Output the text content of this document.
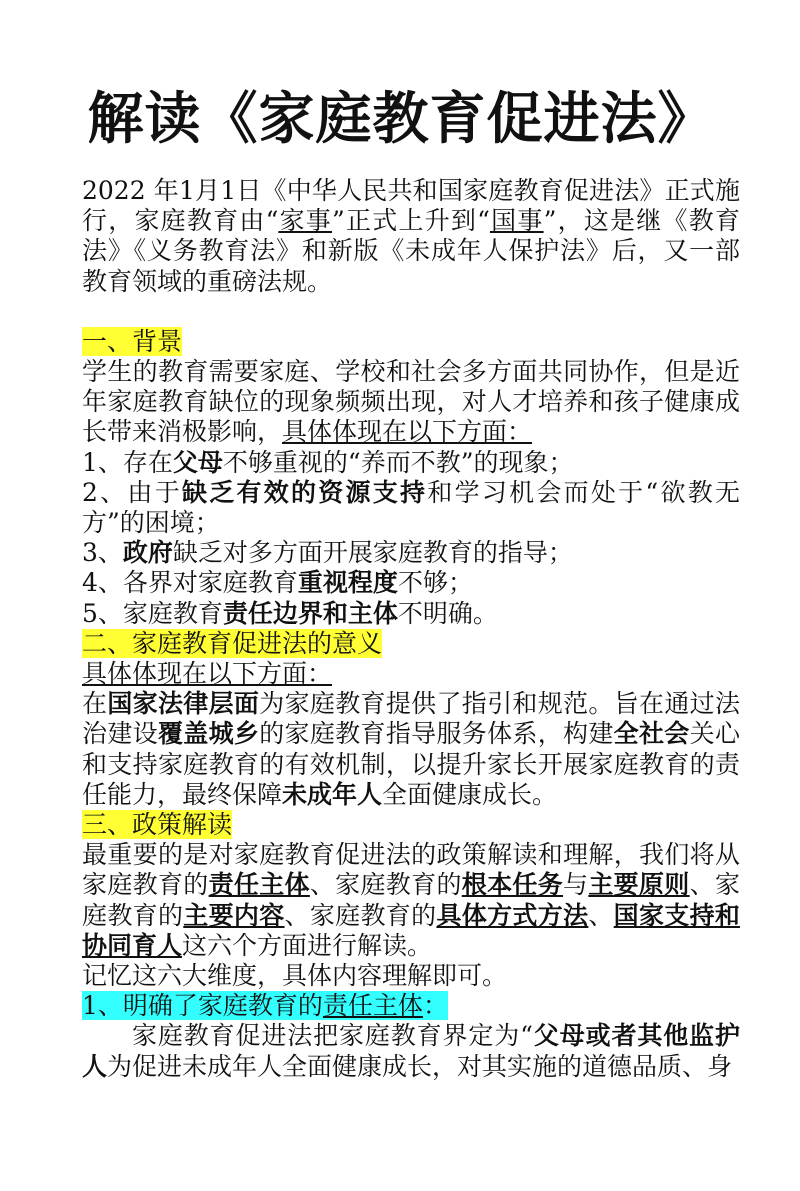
解读《家庭教育促进法》

2022 年1月1日《中华人民共和国家庭教育促进法》正式施行，家庭教育由“家事”正式上升到“国事”，这是继《教育法》《义务教育法》和新版《未成年人保护法》后，又一部教育领域的重磅法规。

一、背景

学生的教育需要家庭、学校和社会多方面共同协作，但是近年家庭教育缺位的现象频频出现，对人才培养和孩子健康成长带来消极影响，具体体现在以下方面：

1、存在父母不够重视的“养而不教”的现象；

2、由于缺乏有效的资源支持和学习机会而处于“欲教无方”的困境；

3、政府缺乏对多方面开展家庭教育的指导；

4、各界对家庭教育重视程度不够；

5、家庭教育责任边界和主体不明确。

二、家庭教育促进法的意义

具体体现在以下方面：

在国家法律层面为家庭教育提供了指引和规范。旨在通过法治建设覆盖城乡的家庭教育指导服务体系，构建全社会关心和支持家庭教育的有效机制，以提升家长开展家庭教育的责任能力，最终保障未成年人全面健康成长。

三、政策解读

最重要的是对家庭教育促进法的政策解读和理解，我们将从家庭教育的责任主体、家庭教育的根本任务与主要原则、家庭教育的主要内容、家庭教育的具体方式方法、国家支持和协同育人这六个方面进行解读。

记忆这六大维度，具体内容理解即可。

1、明确了家庭教育的责任主体：

家庭教育促进法把家庭教育界定为“父母或者其他监护人为促进未成年人全面健康成长，对其实施的道德品质、身
